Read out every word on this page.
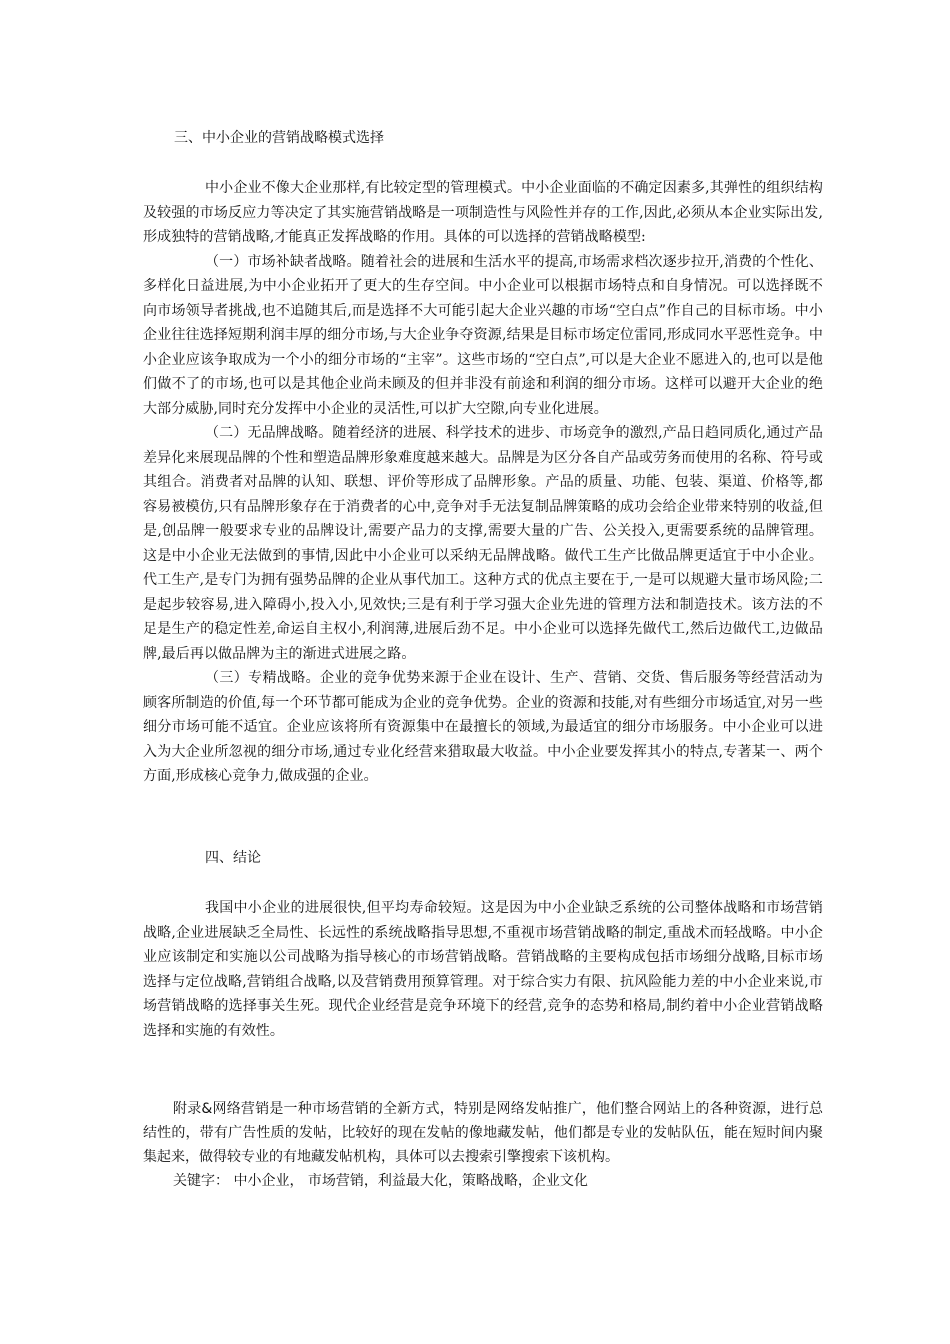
三、中小企业的营销战略模式选择

中小企业不像大企业那样,有比较定型的管理模式。中小企业面临的不确定因素多,其弹性的组织结构及较强的市场反应力等决定了其实施营销战略是一项制造性与风险性并存的工作,因此,必须从本企业实际出发,形成独特的营销战略,才能真正发挥战略的作用。具体的可以选择的营销战略模型:

（一）市场补缺者战略。随着社会的进展和生活水平的提高,市场需求档次逐步拉开,消费的个性化、多样化日益进展,为中小企业拓开了更大的生存空间。中小企业可以根据市场特点和自身情况。可以选择既不向市场领导者挑战,也不追随其后,而是选择不大可能引起大企业兴趣的市场“空白点”作自己的目标市场。中小企业往往选择短期利润丰厚的细分市场,与大企业争夺资源,结果是目标市场定位雷同,形成同水平恶性竞争。中小企业应该争取成为一个小的细分市场的“主宰”。这些市场的“空白点”,可以是大企业不愿进入的,也可以是他们做不了的市场,也可以是其他企业尚未顾及的但并非没有前途和利润的细分市场。这样可以避开大企业的绝大部分威胁,同时充分发挥中小企业的灵活性,可以扩大空隙,向专业化进展。

（二）无品牌战略。随着经济的进展、科学技术的进步、市场竞争的激烈,产品日趋同质化,通过产品差异化来展现品牌的个性和塑造品牌形象难度越来越大。品牌是为区分各自产品或劳务而使用的名称、符号或其组合。消费者对品牌的认知、联想、评价等形成了品牌形象。产品的质量、功能、包装、渠道、价格等,都容易被模仿,只有品牌形象存在于消费者的心中,竞争对手无法复制品牌策略的成功会给企业带来特别的收益,但是,创品牌一般要求专业的品牌设计,需要产品力的支撑,需要大量的广告、公关投入,更需要系统的品牌管理。这是中小企业无法做到的事情,因此中小企业可以采纳无品牌战略。做代工生产比做品牌更适宜于中小企业。代工生产,是专门为拥有强势品牌的企业从事代加工。这种方式的优点主要在于,一是可以规避大量市场风险;二是起步较容易,进入障碍小,投入小,见效快;三是有利于学习强大企业先进的管理方法和制造技术。该方法的不足是生产的稳定性差,命运自主权小,利润薄,进展后劲不足。中小企业可以选择先做代工,然后边做代工,边做品牌,最后再以做品牌为主的渐进式进展之路。

（三）专精战略。企业的竞争优势来源于企业在设计、生产、营销、交货、售后服务等经营活动为顾客所制造的价值,每一个环节都可能成为企业的竞争优势。企业的资源和技能,对有些细分市场适宜,对另一些细分市场可能不适宜。企业应该将所有资源集中在最擅长的领域,为最适宜的细分市场服务。中小企业可以进入为大企业所忽视的细分市场,通过专业化经营来猎取最大收益。中小企业要发挥其小的特点,专著某一、两个方面,形成核心竞争力,做成强的企业。

四、结论

我国中小企业的进展很快,但平均寿命较短。这是因为中小企业缺乏系统的公司整体战略和市场营销战略,企业进展缺乏全局性、长远性的系统战略指导思想,不重视市场营销战略的制定,重战术而轻战略。中小企业应该制定和实施以公司战略为指导核心的市场营销战略。营销战略的主要构成包括市场细分战略,目标市场选择与定位战略,营销组合战略,以及营销费用预算管理。对于综合实力有限、抗风险能力差的中小企业来说,市场营销战略的选择事关生死。现代企业经营是竞争环境下的经营,竞争的态势和格局,制约着中小企业营销战略选择和实施的有效性。

附录&网络营销是一种市场营销的全新方式，特别是网络发帖推广，他们整合网站上的各种资源，进行总结性的，带有广告性质的发帖，比较好的现在发帖的像地藏发帖，他们都是专业的发帖队伍，能在短时间内聚集起来，做得较专业的有地藏发帖机构，具体可以去搜索引擎搜索下该机构。

关键字： 中小企业， 市场营销，利益最大化，策略战略，企业文化
